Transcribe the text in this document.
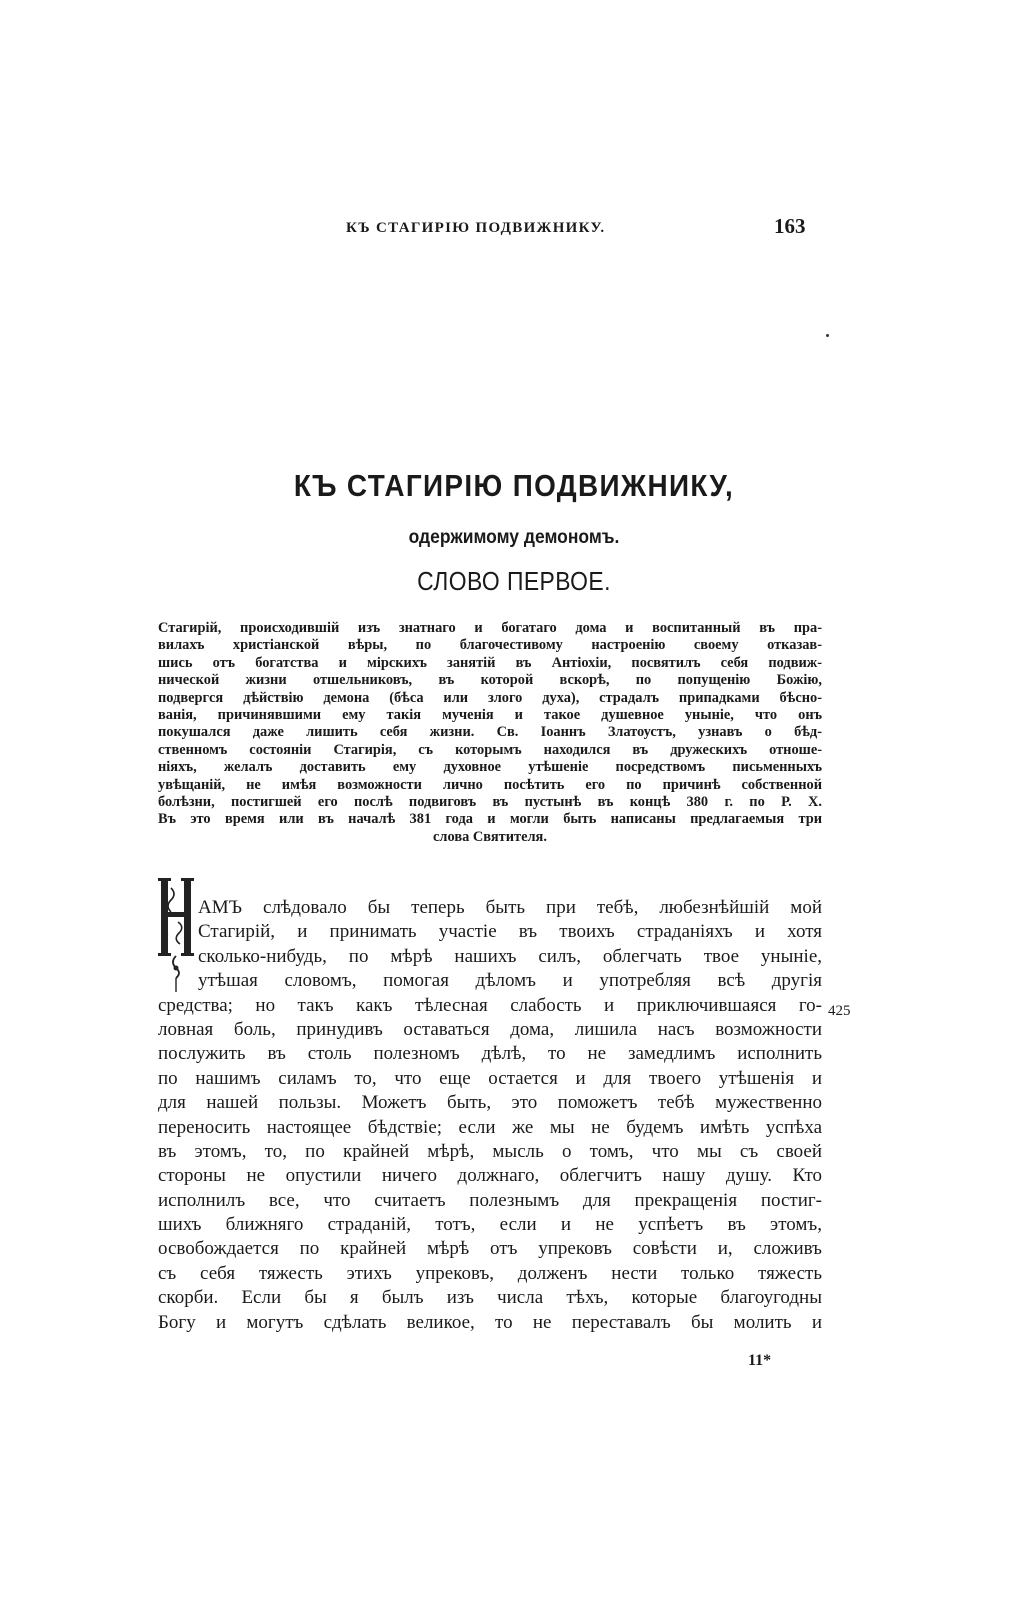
КЪ СТАГИРІЮ ПОДВИЖНИКУ.	163
КЪ СТАГИРІЮ ПОДВИЖНИКУ,
одержимому демономъ.
СЛОВО ПЕРВОЕ.
Стагирій, происходившій изъ знатнаго и богатаго дома и воспитанный въ пра-
вилахъ христіанской вѣры, по благочестивому настроенію своему отказав-
шись отъ богатства и мірскихъ занятій въ Антіохіи, посвятилъ себя подвиж-
нической жизни отшельниковъ, въ которой вскорѣ, по попущенію Божію,
подвергся дѣйствію демона (бѣса или злого духа), страдалъ припадками бѣсно-
ванія, причинявшими ему такія мученія и такое душевное уныніе, что онъ
покушался даже лишить себя жизни. Св. Іоаннъ Златоустъ, узнавъ о бѣд-
ственномъ состояніи Стагирія, съ которымъ находился въ дружескихъ отноше-
ніяхъ, желалъ доставить ему духовное утѣшеніе посредствомъ письменныхъ
увѣщаній, не имѣя возможности лично посѣтить его по причинѣ собственной
болѣзни, постигшей его послѣ подвиговъ въ пустынѣ въ концѣ 380 г. по Р. Х.
Въ это время или въ началѣ 381 года и могли быть написаны предлагаемыя три
слова Святителя.
АМЪ слѣдовало бы теперь быть при тебѣ, любезнѣйшій мой
Стагирій, и принимать участіе въ твоихъ страданіяхъ и хотя
сколько-нибудь, по мѣрѣ нашихъ силъ, облегчать твое уныніе,
утѣшая словомъ, помогая дѣломъ и употребляя всѣ другія
средства; но такъ какъ тѣлесная слабость и приключившаяся го-
ловная боль, принудивъ оставаться дома, лишила насъ возможности
послужить въ столь полезномъ дѣлѣ, то не замедлимъ исполнить
по нашимъ силамъ то, что еще остается и для твоего утѣшенія и
для нашей пользы. Можетъ быть, это поможетъ тебѣ мужественно
переносить настоящее бѣдствіе; если же мы не будемъ имѣть успѣха
въ этомъ, то, по крайней мѣрѣ, мысль о томъ, что мы съ своей
стороны не опустили ничего должнаго, облегчитъ нашу душу. Кто
исполнилъ все, что считаетъ полезнымъ для прекращенія постиг-
шихъ ближняго страданій, тотъ, если и не успѣетъ въ этомъ,
освобождается по крайней мѣрѣ отъ упрековъ совѣсти и, сложивъ
съ себя тяжесть этихъ упрековъ, долженъ нести только тяжесть
скорби. Если бы я былъ изъ числа тѣхъ, которые благоугодны
Богу и могутъ сдѣлать великое, то не переставалъ бы молить и
425
11*
